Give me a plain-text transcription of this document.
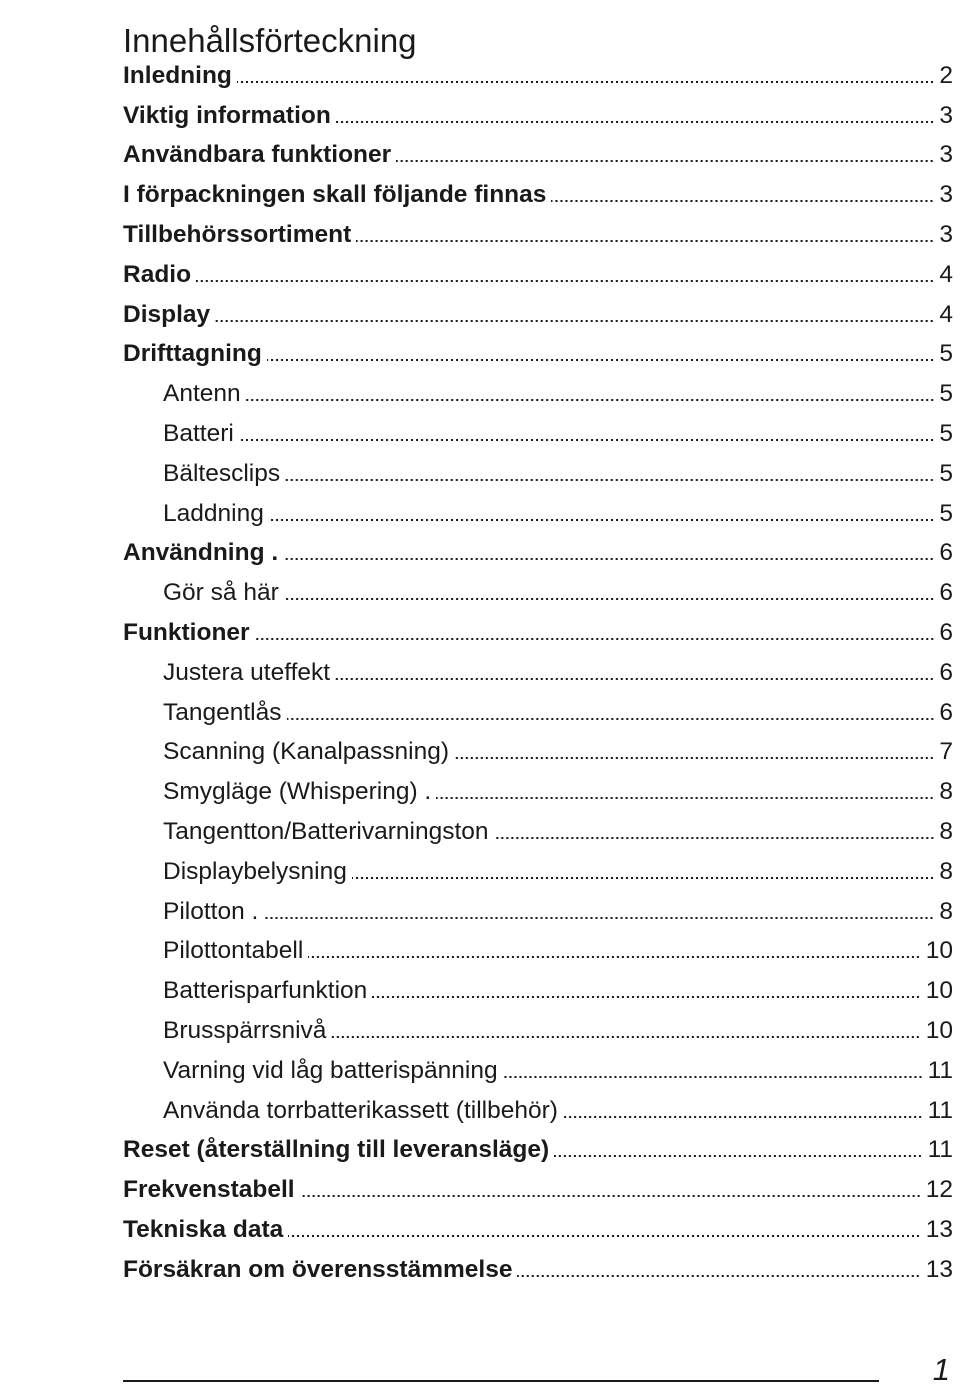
Innehållsförteckning
Inledning	2
Viktig information	3
Användbara funktioner	3
I förpackningen skall följande finnas	3
Tillbehörssortiment	3
Radio	4
Display	4
Drifttagning	5
Antenn	5
Batteri	5
Bältesclips	5
Laddning	5
Användning .	6
Gör så här	6
Funktioner	6
Justera uteffekt	6
Tangentlås	6
Scanning (Kanalpassning)	7
Smygläge (Whispering) .	8
Tangentton/Batterivarningston	8
Displaybelysning	8
Pilotton .	8
Pilottontabell	10
Batterisparfunktion	10
Brusspärrsnivå	10
Varning vid låg batterispänning	11
Använda torrbatterikassett (tillbehör)	11
Reset (återställning till leveransläge)	11
Frekvenstabell	12
Tekniska data	13
Försäkran om överensstämmelse	13
1
